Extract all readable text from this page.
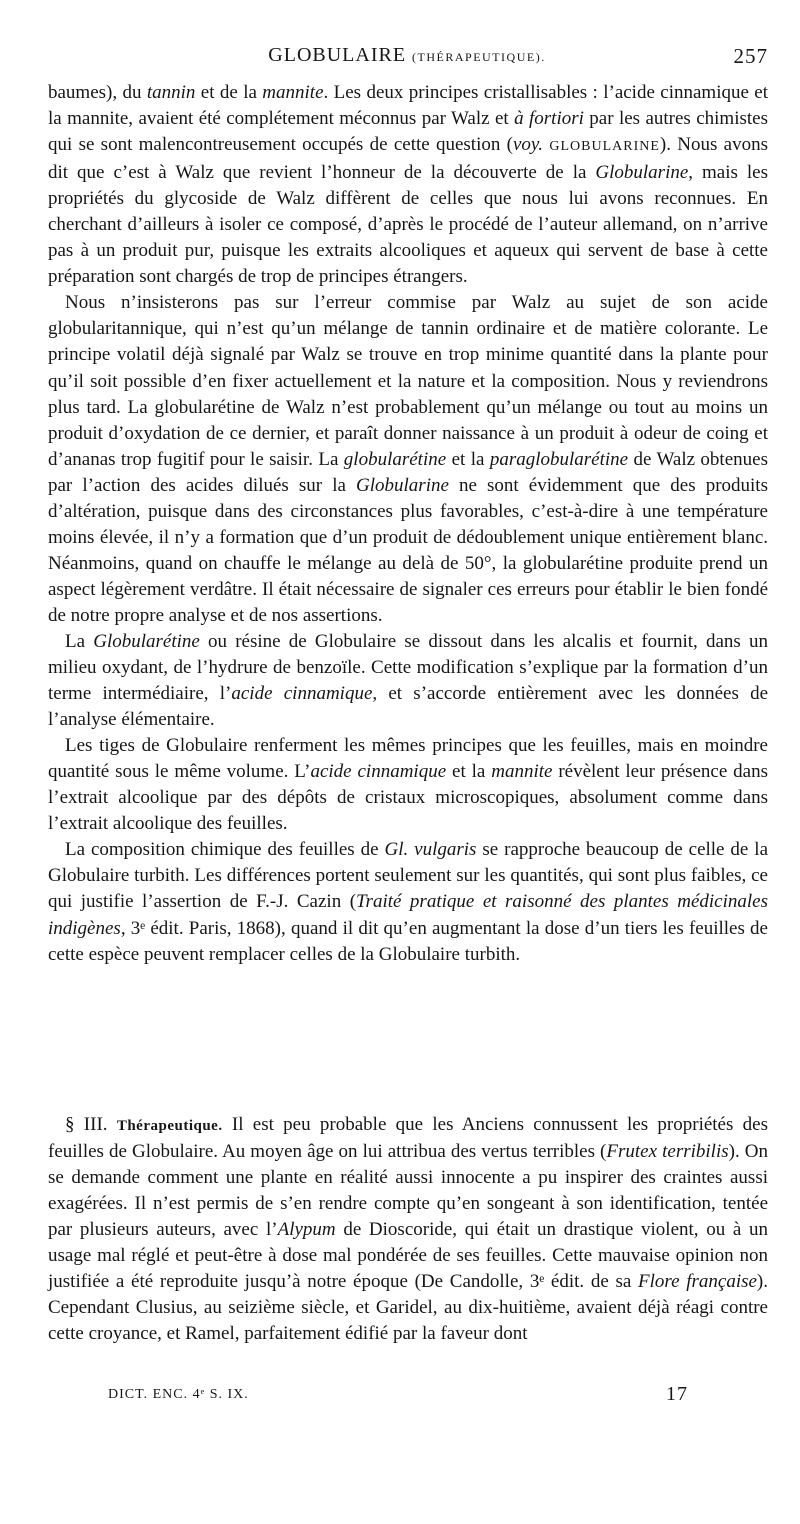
GLOBULAIRE (THÉRAPEUTIQUE).	257

baumes), du tannin et de la mannite. Les deux principes cristallisables : l’acide cinnamique et la mannite, avaient été complétement méconnus par Walz et à fortiori par les autres chimistes qui se sont malencontreusement occupés de cette question (voy. GLOBULARINE). Nous avons dit que c’est à Walz que revient l’honneur de la découverte de la Globularine, mais les propriétés du glycoside de Walz diffèrent de celles que nous lui avons reconnues. En cherchant d’ailleurs à isoler ce composé, d’après le procédé de l’auteur allemand, on n’arrive pas à un produit pur, puisque les extraits alcooliques et aqueux qui servent de base à cette préparation sont chargés de trop de principes étrangers.

Nous n’insisterons pas sur l’erreur commise par Walz au sujet de son acide globularitannique, qui n’est qu’un mélange de tannin ordinaire et de matière colorante. Le principe volatil déjà signalé par Walz se trouve en trop minime quantité dans la plante pour qu’il soit possible d’en fixer actuellement et la nature et la composition. Nous y reviendrons plus tard. La globularétine de Walz n’est probablement qu’un mélange ou tout au moins un produit d’oxydation de ce dernier, et paraît donner naissance à un produit à odeur de coing et d’ananas trop fugitif pour le saisir. La globularétine et la paraglobularétine de Walz obtenues par l’action des acides dilués sur la Globularine ne sont évidemment que des produits d’altération, puisque dans des circonstances plus favorables, c’est-à-dire à une température moins élevée, il n’y a formation que d’un produit de dédoublement unique entièrement blanc. Néanmoins, quand on chauffe le mélange au delà de 50°, la globularétine produite prend un aspect légèrement verdâtre. Il était nécessaire de signaler ces erreurs pour établir le bien fondé de notre propre analyse et de nos assertions.

La Globularétine ou résine de Globulaire se dissout dans les alcalis et fournit, dans un milieu oxydant, de l’hydrure de benzoïle. Cette modification s’explique par la formation d’un terme intermédiaire, l’acide cinnamique, et s’accorde entièrement avec les données de l’analyse élémentaire.

Les tiges de Globulaire renferment les mêmes principes que les feuilles, mais en moindre quantité sous le même volume. L’acide cinnamique et la mannite révèlent leur présence dans l’extrait alcoolique par des dépôts de cristaux microscopiques, absolument comme dans l’extrait alcoolique des feuilles.

La composition chimique des feuilles de Gl. vulgaris se rapproche beaucoup de celle de la Globulaire turbith. Les différences portent seulement sur les quantités, qui sont plus faibles, ce qui justifie l’assertion de F.-J. Cazin (Traité pratique et raisonné des plantes médicinales indigènes, 3ᵉ édit. Paris, 1868), quand il dit qu’en augmentant la dose d’un tiers les feuilles de cette espèce peuvent remplacer celles de la Globulaire turbith.

§ III. Thérapeutique. Il est peu probable que les Anciens connussent les propriétés des feuilles de Globulaire. Au moyen âge on lui attribua des vertus terribles (Frutex terribilis). On se demande comment une plante en réalité aussi innocente a pu inspirer des craintes aussi exagérées. Il n’est permis de s’en rendre compte qu’en songeant à son identification, tentée par plusieurs auteurs, avec l’Alypum de Dioscoride, qui était un drastique violent, ou à un usage mal réglé et peut-être à dose mal pondérée de ses feuilles. Cette mauvaise opinion non justifiée a été reproduite jusqu’à notre époque (De Candolle, 3ᵉ édit. de sa Flore française). Cependant Clusius, au seizième siècle, et Garidel, au dix-huitième, avaient déjà réagi contre cette croyance, et Ramel, parfaitement édifié par la faveur dont

DICT. ENC. 4ᵉ S. IX.	17
